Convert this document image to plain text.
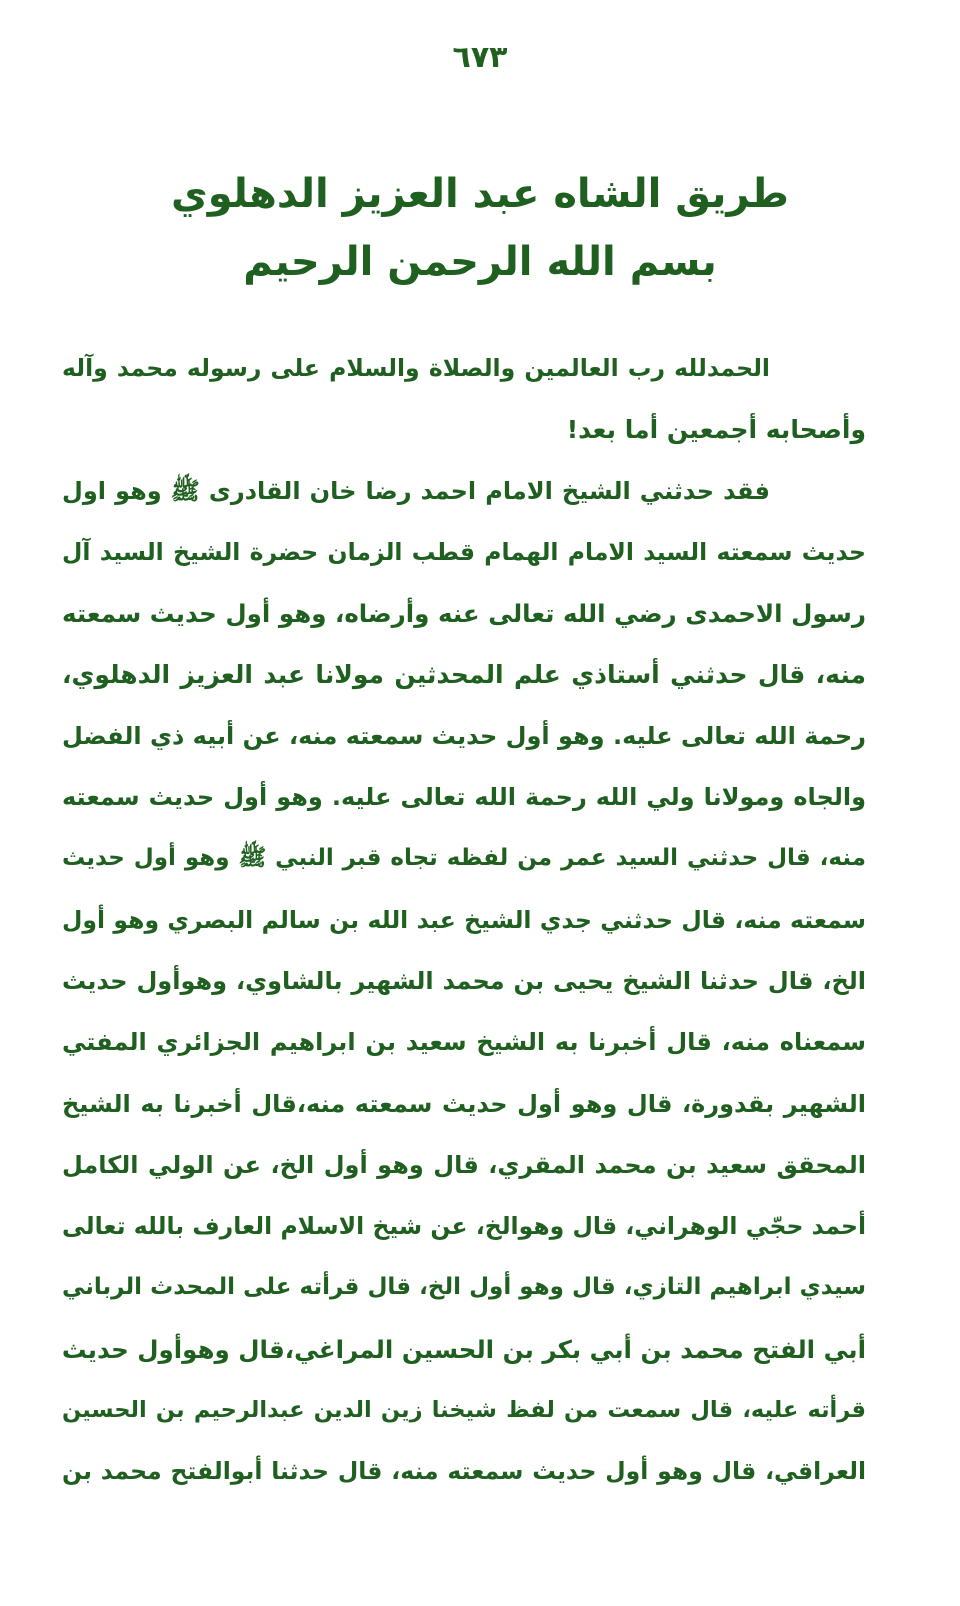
٦٧٣
طريق الشاه عبد العزيز الدهلوي
بسم الله الرحمن الرحيم
الحمدلله رب العالمين والصلاة والسلام على رسوله محمد وآله
وأصحابه أجمعين أما بعد!
فقد حدثني الشيخ الامام احمد رضا خان القادرى ﷺ وهو اول
حديث سمعته السيد الامام الهمام قطب الزمان حضرة الشيخ السيد آل
رسول الاحمدى رضي الله تعالى عنه وأرضاه، وهو أول حديث سمعته
منه، قال حدثني أستاذي علم المحدثين مولانا عبد العزيز الدهلوي،
رحمة الله تعالى عليه. وهو أول حديث سمعته منه، عن أبيه ذي الفضل
والجاه ومولانا ولي الله رحمة الله تعالى عليه. وهو أول حديث سمعته
منه، قال حدثني السيد عمر من لفظه تجاه قبر النبي ﷺ وهو أول حديث
سمعته منه، قال حدثني جدي الشيخ عبد الله بن سالم البصري وهو أول
الخ، قال حدثنا الشيخ يحيى بن محمد الشهير بالشاوي، وهوأول حديث
سمعناه منه، قال أخبرنا به الشيخ سعيد بن ابراهيم الجزائري المفتي
الشهير بقدورة، قال وهو أول حديث سمعته منه،قال أخبرنا به الشيخ
المحقق سعيد بن محمد المقري، قال وهو أول الخ، عن الولي الكامل
أحمد حجّي الوهراني، قال وهوالخ، عن شيخ الاسلام العارف بالله تعالى
سيدي ابراهيم التازي، قال وهو أول الخ، قال قرأته على المحدث الرباني
أبي الفتح محمد بن أبي بكر بن الحسين المراغي،قال وهوأول حديث
قرأته عليه، قال سمعت من لفظ شيخنا زين الدين عبدالرحيم بن الحسين
العراقي، قال وهو أول حديث سمعته منه، قال حدثنا أبوالفتح محمد بن
